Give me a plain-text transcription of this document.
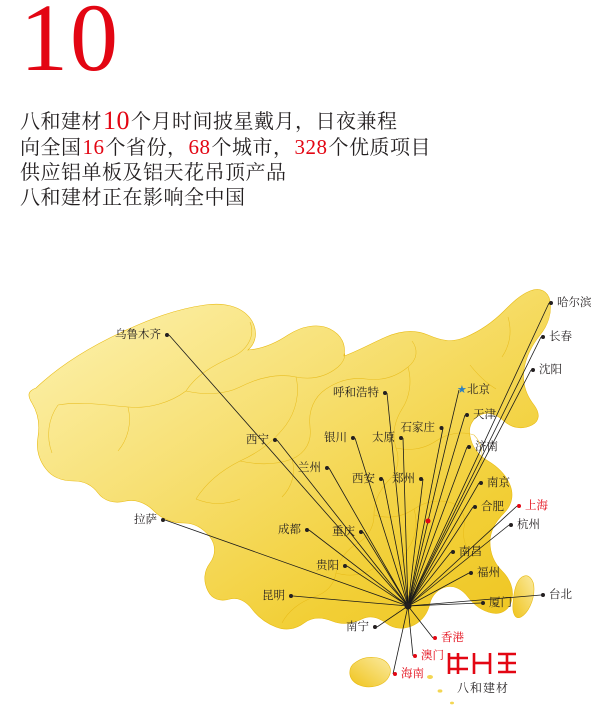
10
八和建材10个月时间披星戴月，日夜兼程
向全国16个省份，68个城市，328个优质项目
供应铝单板及铝天花吊顶产品
八和建材正在影响全中国
哈尔滨
长春
沈阳
北京
★
天津
济南
南京
上海
杭州
台北
厦门
福州
南昌
合肥
乌鲁木齐
呼和浩特
银川	太原
石家庄
西宁
兰州
西安	郑州
拉萨
成都	重庆
贵阳
昆明
南宁
香港
澳门
海南
八和建材
